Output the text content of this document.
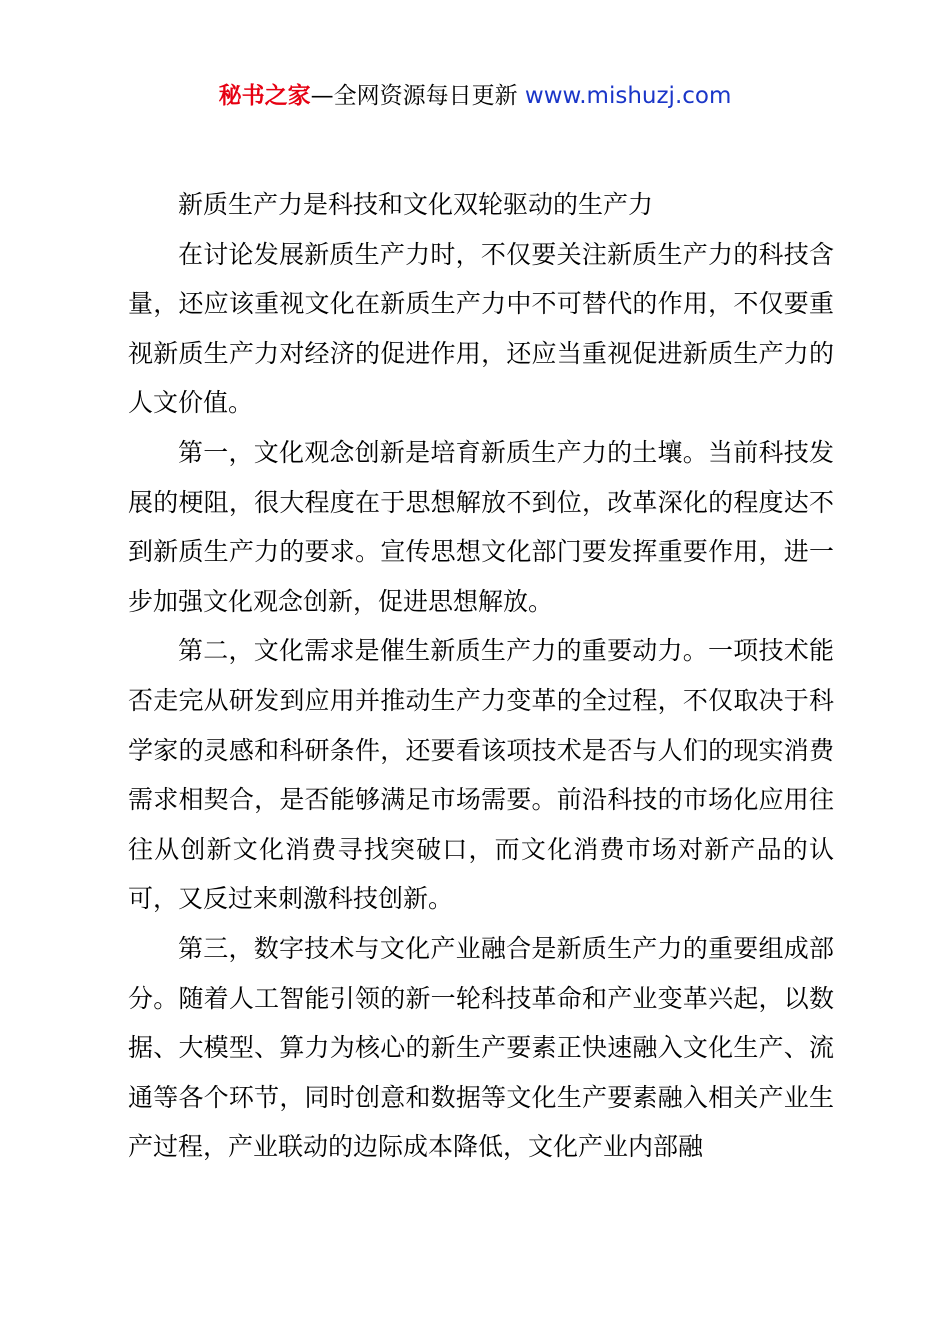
秘书之家—全网资源每日更新 www.mishuzj.com

新质生产力是科技和文化双轮驱动的生产力

在讨论发展新质生产力时，不仅要关注新质生产力的科技含量，还应该重视文化在新质生产力中不可替代的作用，不仅要重视新质生产力对经济的促进作用，还应当重视促进新质生产力的人文价值。

第一，文化观念创新是培育新质生产力的土壤。当前科技发展的梗阻，很大程度在于思想解放不到位，改革深化的程度达不到新质生产力的要求。宣传思想文化部门要发挥重要作用，进一步加强文化观念创新，促进思想解放。

第二，文化需求是催生新质生产力的重要动力。一项技术能否走完从研发到应用并推动生产力变革的全过程，不仅取决于科学家的灵感和科研条件，还要看该项技术是否与人们的现实消费需求相契合，是否能够满足市场需要。前沿科技的市场化应用往往从创新文化消费寻找突破口，而文化消费市场对新产品的认可，又反过来刺激科技创新。

第三，数字技术与文化产业融合是新质生产力的重要组成部分。随着人工智能引领的新一轮科技革命和产业变革兴起，以数据、大模型、算力为核心的新生产要素正快速融入文化生产、流通等各个环节，同时创意和数据等文化生产要素融入相关产业生产过程，产业联动的边际成本降低，文化产业内部融
